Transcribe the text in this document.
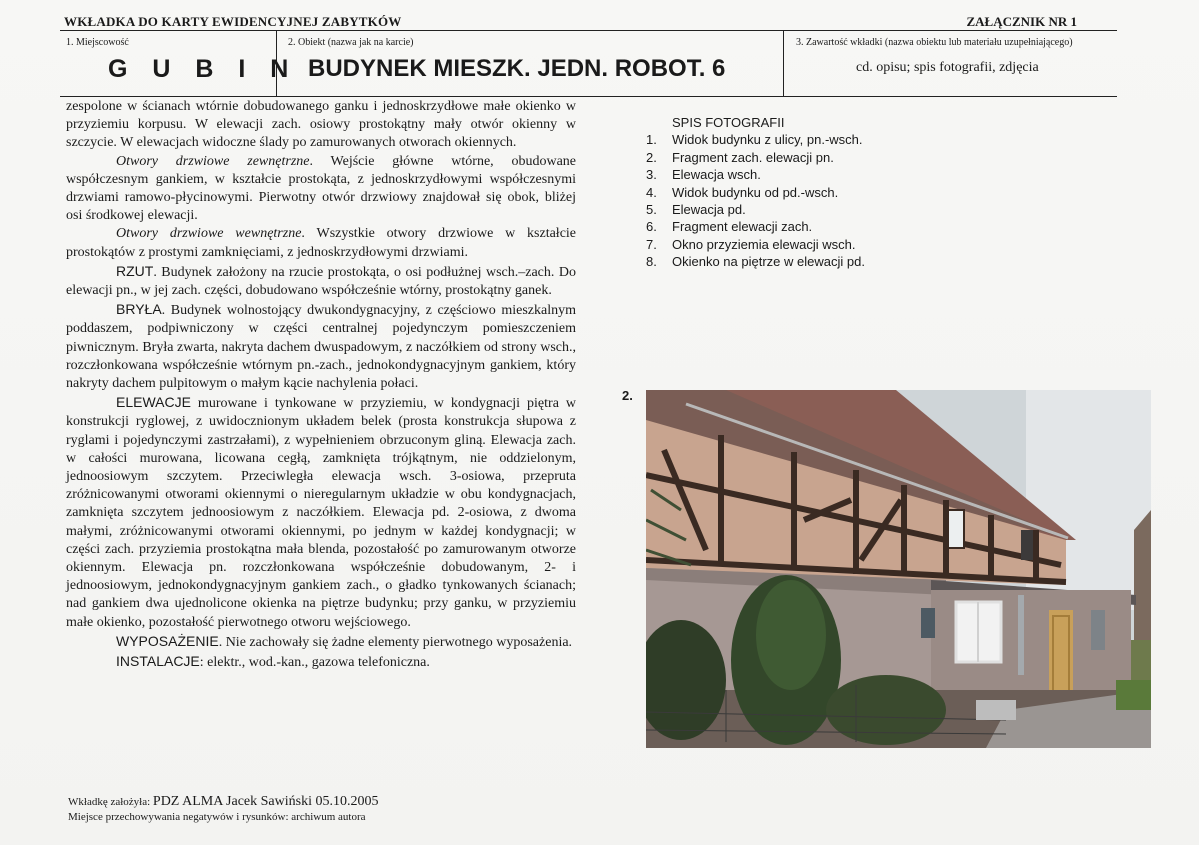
WKŁADKA DO KARTY EWIDENCYJNEJ ZABYTKÓW	ZAŁĄCZNIK NR 1
1. Miejscowość
G U B I N
2. Obiekt (nazwa jak na karcie)
BUDYNEK MIESZK. JEDN. ROBOT. 6
3. Zawartość wkładki (nazwa obiektu lub materiału uzupełniającego)
cd. opisu; spis fotografii, zdjęcia

zespolone w ścianach wtórnie dobudowanego ganku i jednoskrzydłowe małe okienko w przyziemiu korpusu. W elewacji zach. osiowy prostokątny mały otwór okienny w szczycie. W elewacjach widoczne ślady po zamurowanych otworach okiennych.

Otwory drzwiowe zewnętrzne. Wejście główne wtórne, obudowane współczesnym gankiem, w kształcie prostokąta, z jednoskrzydłowymi współczesnymi drzwiami ramowo-płycinowymi. Pierwotny otwór drzwiowy znajdował się obok, bliżej osi środkowej elewacji.

Otwory drzwiowe wewnętrzne. Wszystkie otwory drzwiowe w kształcie prostokątów z prostymi zamknięciami, z jednoskrzydłowymi drzwiami.

RZUT. Budynek założony na rzucie prostokąta, o osi podłużnej wsch.–zach. Do elewacji pn., w jej zach. części, dobudowano współcześnie wtórny, prostokątny ganek.

BRYŁA. Budynek wolnostojący dwukondygnacyjny, z częściowo mieszkalnym poddaszem, podpiwniczony w części centralnej pojedynczym pomieszczeniem piwnicznym. Bryła zwarta, nakryta dachem dwuspadowym, z naczółkiem od strony wsch., rozczłonkowana współcześnie wtórnym pn.-zach., jednokondygnacyjnym gankiem, który nakryty dachem pulpitowym o małym kącie nachylenia połaci.

ELEWACJE murowane i tynkowane w przyziemiu, w kondygnacji piętra w konstrukcji ryglowej, z uwidocznionym układem belek (prosta konstrukcja słupowa z ryglami i pojedynczymi zastrzałami), z wypełnieniem obrzuconym gliną. Elewacja zach. w całości murowana, licowana cegłą, zamknięta trójkątnym, nie oddzielonym, jednoosiowym szczytem. Przeciwległa elewacja wsch. 3-osiowa, przepruta zróżnicowanymi otworami okiennymi o nieregularnym układzie w obu kondygnacjach, zamknięta szczytem jednoosiowym z naczółkiem. Elewacja pd. 2-osiowa, z dwoma małymi, zróżnicowanymi otworami okiennymi, po jednym w każdej kondygnacji; w części zach. przyziemia prostokątna mała blenda, pozostałość po zamurowanym otworze okiennym. Elewacja pn. rozczłonkowana współcześnie dobudowanym, 2- i jednoosiowym, jednokondygnacyjnym gankiem zach., o gładko tynkowanych ścianach; nad gankiem dwa ujednolicone okienka na piętrze budynku; przy ganku, w przyziemiu małe okienko, pozostałość pierwotnego otworu wejściowego.

WYPOSAŻENIE. Nie zachowały się żadne elementy pierwotnego wyposażenia.

INSTALACJE: elektr., wod.-kan., gazowa telefoniczna.

SPIS FOTOGRAFII
1.	Widok budynku z ulicy, pn.-wsch.
2.	Fragment zach. elewacji pn.
3.	Elewacja wsch.
4.	Widok budynku od pd.-wsch.
5.	Elewacja pd.
6.	Fragment elewacji zach.
7.	Okno przyziemia elewacji wsch.
8.	Okienko na piętrze w elewacji pd.
2.
Wkładkę założyła: PDZ ALMA Jacek Sawiński 05.10.2005
Miejsce przechowywania negatywów i rysunków: archiwum autora
